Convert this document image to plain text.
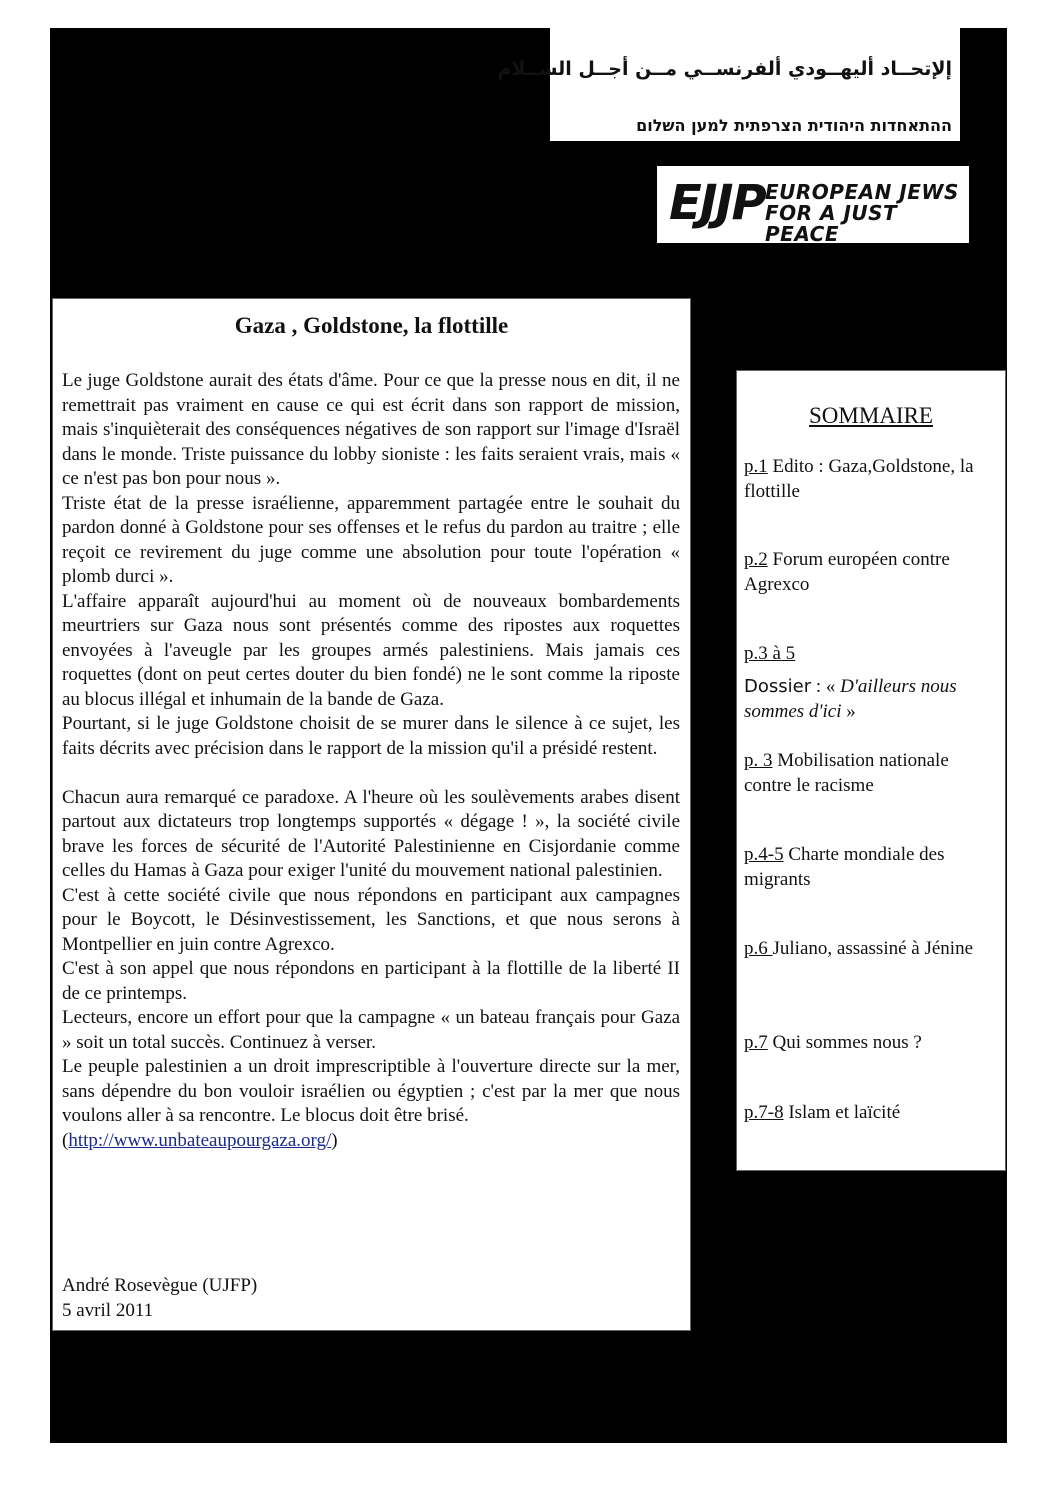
إلإتحــاد أليهــودي ألفرنســي مــن أجــل الســلام
ההתאחדות היהודית הצרפתית למען השלום
EJJP EUROPEAN JEWS
FOR A JUST PEACE
Gaza , Goldstone, la flottille

Le juge Goldstone aurait des états d'âme. Pour ce que la presse nous en dit, il ne remettrait pas vraiment en cause ce qui est écrit dans son rapport de mission, mais s'inquièterait des conséquences négatives de son rapport sur l'image d'Israël dans le monde. Triste puissance du lobby sioniste : les faits seraient vrais, mais « ce n'est pas bon pour nous ».

Triste état de la presse israélienne, apparemment partagée entre le souhait du pardon donné à Goldstone pour ses offenses et le refus du pardon au traitre ; elle reçoit ce revirement du juge comme une absolution pour toute l'opération « plomb durci ».

L'affaire apparaît aujourd'hui au moment où de nouveaux bombardements meurtriers sur Gaza nous sont présentés comme des ripostes aux roquettes envoyées à l'aveugle par les groupes armés palestiniens. Mais jamais ces roquettes (dont on peut certes douter du bien fondé) ne le sont comme la riposte au blocus illégal et inhumain de la bande de Gaza.

Pourtant, si le juge Goldstone choisit de se murer dans le silence à ce sujet, les faits décrits avec précision dans le rapport de la mission qu'il a présidé restent.

Chacun aura remarqué ce paradoxe. A l'heure où les soulèvements arabes disent partout aux dictateurs trop longtemps supportés « dégage ! », la société civile brave les forces de sécurité de l'Autorité Palestinienne en Cisjordanie comme celles du Hamas à Gaza pour exiger l'unité du mouvement national palestinien.

C'est à cette société civile que nous répondons en participant aux campagnes pour le Boycott, le Désinvestissement, les Sanctions, et que nous serons à Montpellier en juin contre Agrexco.

C'est à son appel que nous répondons en participant à la flottille de la liberté II de ce printemps.

Lecteurs, encore un effort pour que la campagne « un bateau français pour Gaza » soit un total succès. Continuez à verser.

Le peuple palestinien a un droit imprescriptible à l'ouverture directe sur la mer, sans dépendre du bon vouloir israélien ou égyptien ; c'est par la mer que nous voulons aller à sa rencontre. Le blocus doit être brisé.

(http://www.unbateaupourgaza.org/)

André Rosevègue (UJFP)
5 avril 2011
SOMMAIRE
p.1 Edito : Gaza,Goldstone, la flottille
p.2 Forum européen contre Agrexco
p.3 à 5
Dossier : « D'ailleurs nous sommes d'ici »
p. 3 Mobilisation nationale contre le racisme
p.4-5 Charte mondiale des migrants
p.6 Juliano, assassiné à Jénine
p.7 Qui sommes nous ?
p.7-8 Islam et laïcité
